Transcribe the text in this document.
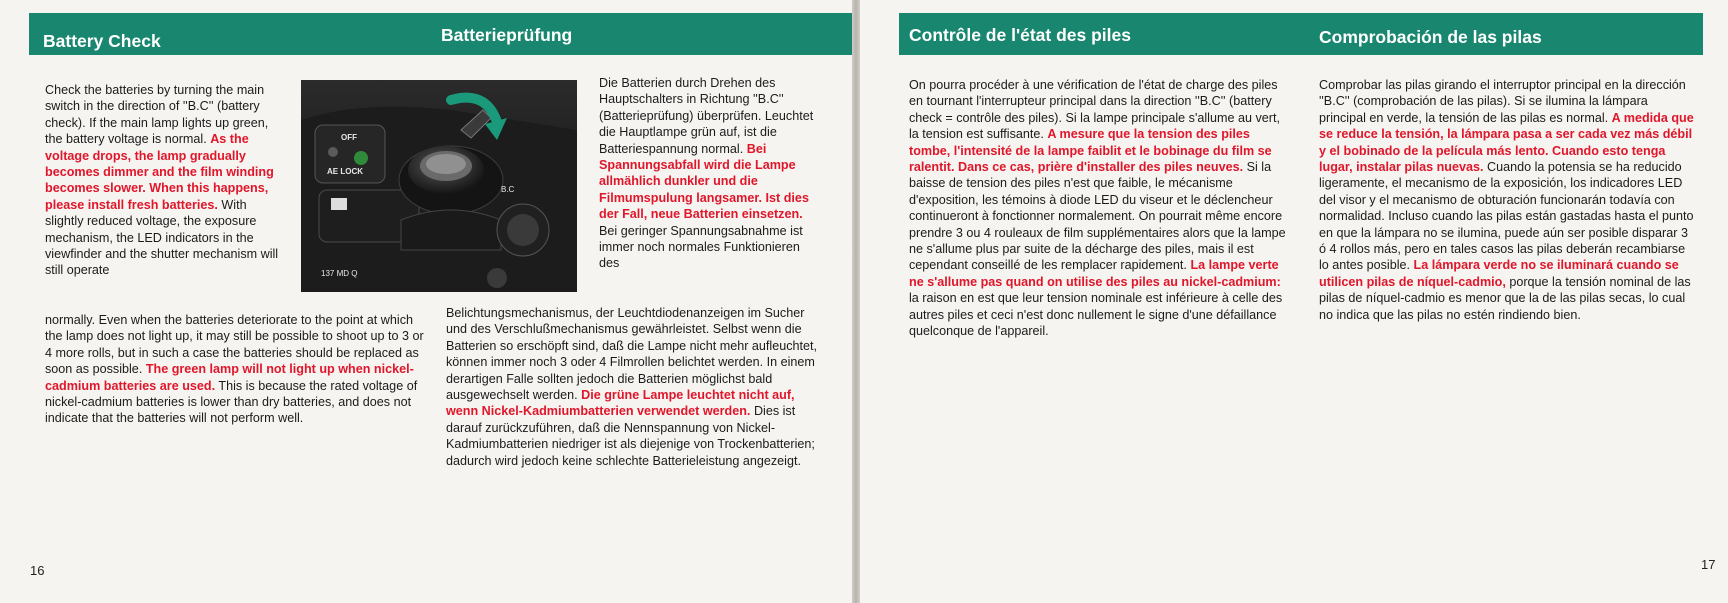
Battery Check	Batterieprüfung
Check the batteries by turning the main switch in the direction of ''B.C'' (battery check). If the main lamp lights up green, the battery voltage is normal. As the voltage drops, the lamp gradually becomes dimmer and the film winding becomes slower. When this happens, please install fresh batteries. With slightly reduced voltage, the exposure mechanism, the LED indicators in the viewfinder and the shutter mechanism will still operate
normally. Even when the batteries deteriorate to the point at which the lamp does not light up, it may still be possible to shoot up to 3 or 4 more rolls, but in such a case the batteries should be replaced as soon as possible. The green lamp will not light up when nickel-cadmium batteries are used. This is because the rated voltage of nickel-cadmium batteries is lower than dry batteries, and does not indicate that the batteries will not perform well.
OFF
AE LOCK
B.C
137 MD Q
Die Batterien durch Drehen des Hauptschalters in Richtung ''B.C'' (Batterieprüfung) überprüfen. Leuchtet die Hauptlampe grün auf, ist die Batteriespannung normal. Bei Spannungsabfall wird die Lampe allmählich dunkler und die Filmumspulung langsamer. Ist dies der Fall, neue Batterien einsetzen. Bei geringer Spannungsabnahme ist immer noch normales Funktionieren des
Belichtungsmechanismus, der Leuchtdiodenanzeigen im Sucher und des Verschlußmechanismus gewährleistet. Selbst wenn die Batterien so erschöpft sind, daß die Lampe nicht mehr aufleuchtet, können immer noch 3 oder 4 Filmrollen belichtet werden. In einem derartigen Falle sollten jedoch die Batterien möglichst bald ausgewechselt werden. Die grüne Lampe leuchtet nicht auf, wenn Nickel-Kadmiumbatterien verwendet werden. Dies ist darauf zurückzuführen, daß die Nennspannung von Nickel-Kadmiumbatterien niedriger ist als diejenige von Trockenbatterien; dadurch wird jedoch keine schlechte Batterieleistung angezeigt.
16
Contrôle de l'état des piles	Comprobación de las pilas
On pourra procéder à une vérification de l'état de charge des piles en tournant l'interrupteur principal dans la direction ''B.C'' (battery check = contrôle des piles). Si la lampe principale s'allume au vert, la tension est suffisante. A mesure que la tension des piles tombe, l'intensité de la lampe faiblit et le bobinage du film se ralentit. Dans ce cas, prière d'installer des piles neuves. Si la baisse de tension des piles n'est que faible, le mécanisme d'exposition, les témoins à diode LED du viseur et le déclencheur continueront à fonctionner normalement. On pourrait même encore prendre 3 ou 4 rouleaux de film supplémentaires alors que la lampe ne s'allume plus par suite de la décharge des piles, mais il est cependant conseillé de les remplacer rapidement. La lampe verte ne s'allume pas quand on utilise des piles au nickel-cadmium: la raison en est que leur tension nominale est inférieure à celle des autres piles et ceci n'est donc nullement le signe d'une défaillance quelconque de l'appareil.
Comprobar las pilas girando el interruptor principal en la dirección ''B.C'' (comprobación de las pilas). Si se ilumina la lámpara principal en verde, la tensión de las pilas es normal. A medida que se reduce la tensión, la lámpara pasa a ser cada vez más débil y el bobinado de la película más lento. Cuando esto tenga lugar, instalar pilas nuevas. Cuando la potensia se ha reducido ligeramente, el mecanismo de la exposición, los indicadores LED del visor y el mecanismo de obturación funcionarán todavía con normalidad. Incluso cuando las pilas están gastadas hasta el punto en que la lámpara no se ilumina, puede aún ser posible disparar 3 ó 4 rollos más, pero en tales casos las pilas deberán recambiarse lo antes posible. La lámpara verde no se iluminará cuando se utilicen pilas de níquel-cadmio, porque la tensión nominal de las pilas de níquel-cadmio es menor que la de las pilas secas, lo cual no indica que las pilas no estén rindiendo bien.
17
